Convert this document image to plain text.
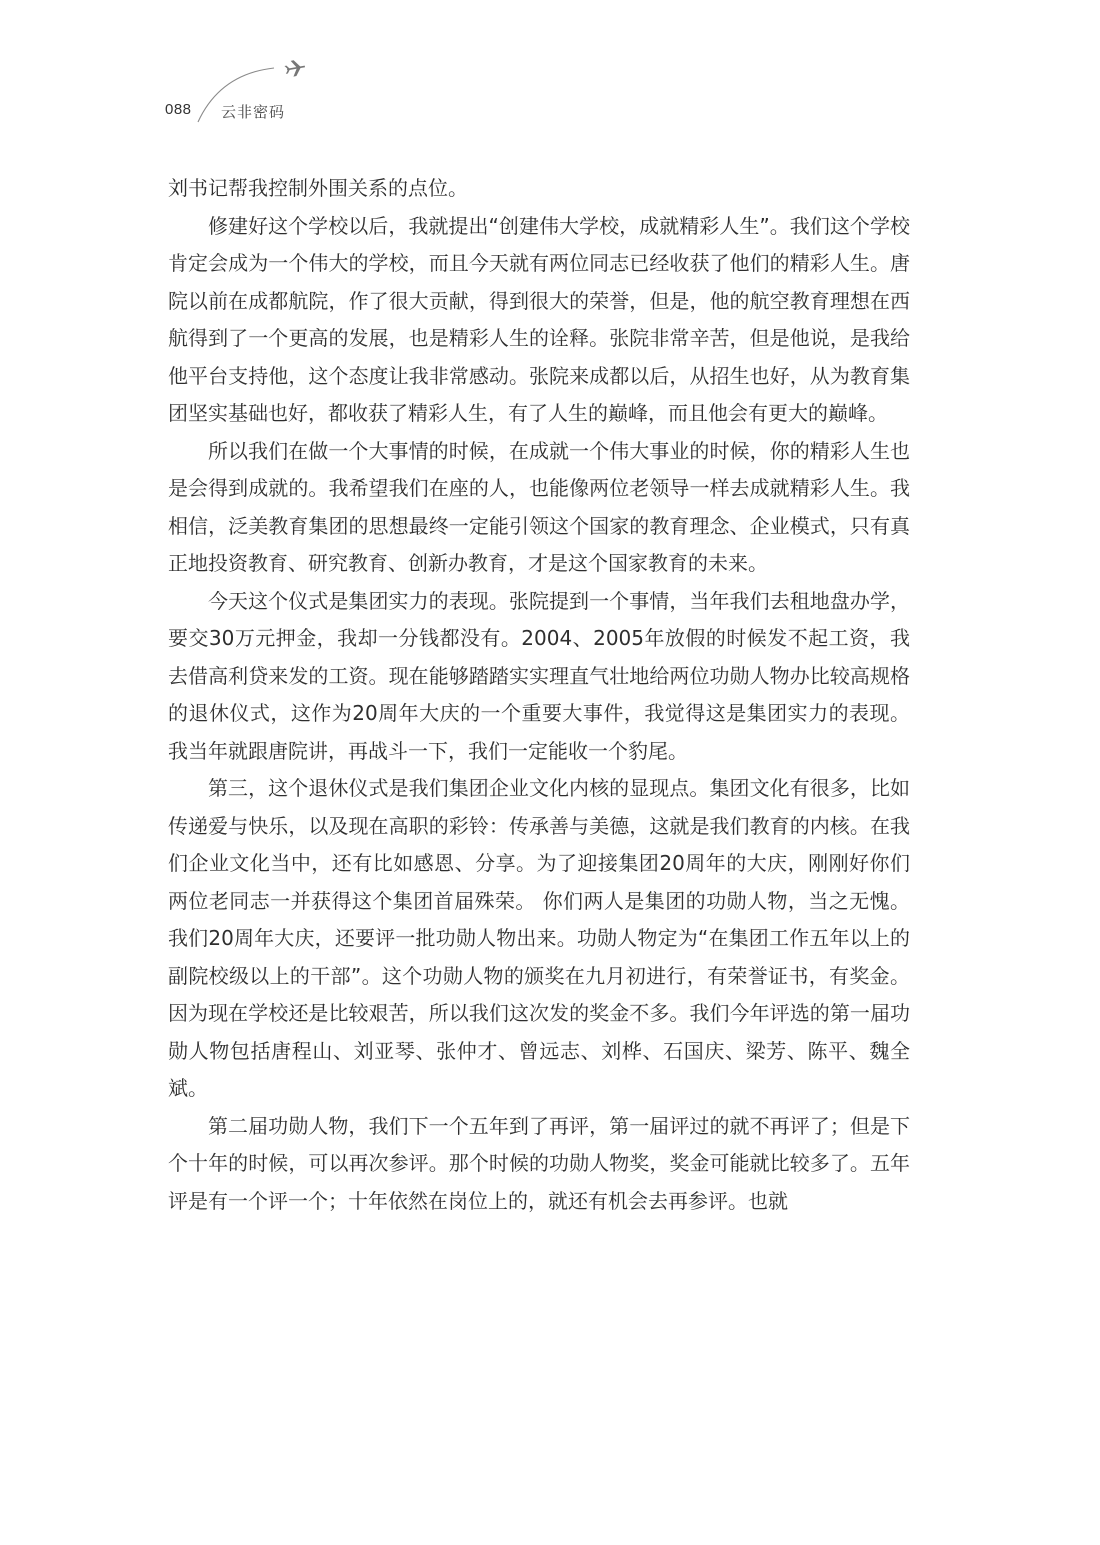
088 云非密码

刘书记帮我控制外围关系的点位。

修建好这个学校以后，我就提出“创建伟大学校，成就精彩人生”。我们这个学校肯定会成为一个伟大的学校，而且今天就有两位同志已经收获了他们的精彩人生。唐院以前在成都航院，作了很大贡献，得到很大的荣誉，但是，他的航空教育理想在西航得到了一个更高的发展，也是精彩人生的诠释。张院非常辛苦，但是他说，是我给他平台支持他，这个态度让我非常感动。张院来成都以后，从招生也好，从为教育集团坚实基础也好，都收获了精彩人生，有了人生的巅峰，而且他会有更大的巅峰。

所以我们在做一个大事情的时候，在成就一个伟大事业的时候，你的精彩人生也是会得到成就的。我希望我们在座的人，也能像两位老领导一样去成就精彩人生。我相信，泛美教育集团的思想最终一定能引领这个国家的教育理念、企业模式，只有真正地投资教育、研究教育、创新办教育，才是这个国家教育的未来。

今天这个仪式是集团实力的表现。张院提到一个事情，当年我们去租地盘办学，要交30万元押金，我却一分钱都没有。2004、2005年放假的时候发不起工资，我去借高利贷来发的工资。现在能够踏踏实实理直气壮地给两位功勋人物办比较高规格的退休仪式，这作为20周年大庆的一个重要大事件，我觉得这是集团实力的表现。我当年就跟唐院讲，再战斗一下，我们一定能收一个豹尾。

第三，这个退休仪式是我们集团企业文化内核的显现点。集团文化有很多，比如传递爱与快乐，以及现在高职的彩铃：传承善与美德，这就是我们教育的内核。在我们企业文化当中，还有比如感恩、分享。为了迎接集团20周年的大庆，刚刚好你们两位老同志一并获得这个集团首届殊荣。 你们两人是集团的功勋人物，当之无愧。我们20周年大庆，还要评一批功勋人物出来。功勋人物定为“在集团工作五年以上的副院校级以上的干部”。这个功勋人物的颁奖在九月初进行，有荣誉证书，有奖金。因为现在学校还是比较艰苦，所以我们这次发的奖金不多。我们今年评选的第一届功勋人物包括唐程山、刘亚琴、张仲才、曾远志、刘桦、石国庆、梁芳、陈平、魏全斌。

第二届功勋人物，我们下一个五年到了再评，第一届评过的就不再评了；但是下个十年的时候，可以再次参评。那个时候的功勋人物奖，奖金可能就比较多了。五年评是有一个评一个；十年依然在岗位上的，就还有机会去再参评。也就
